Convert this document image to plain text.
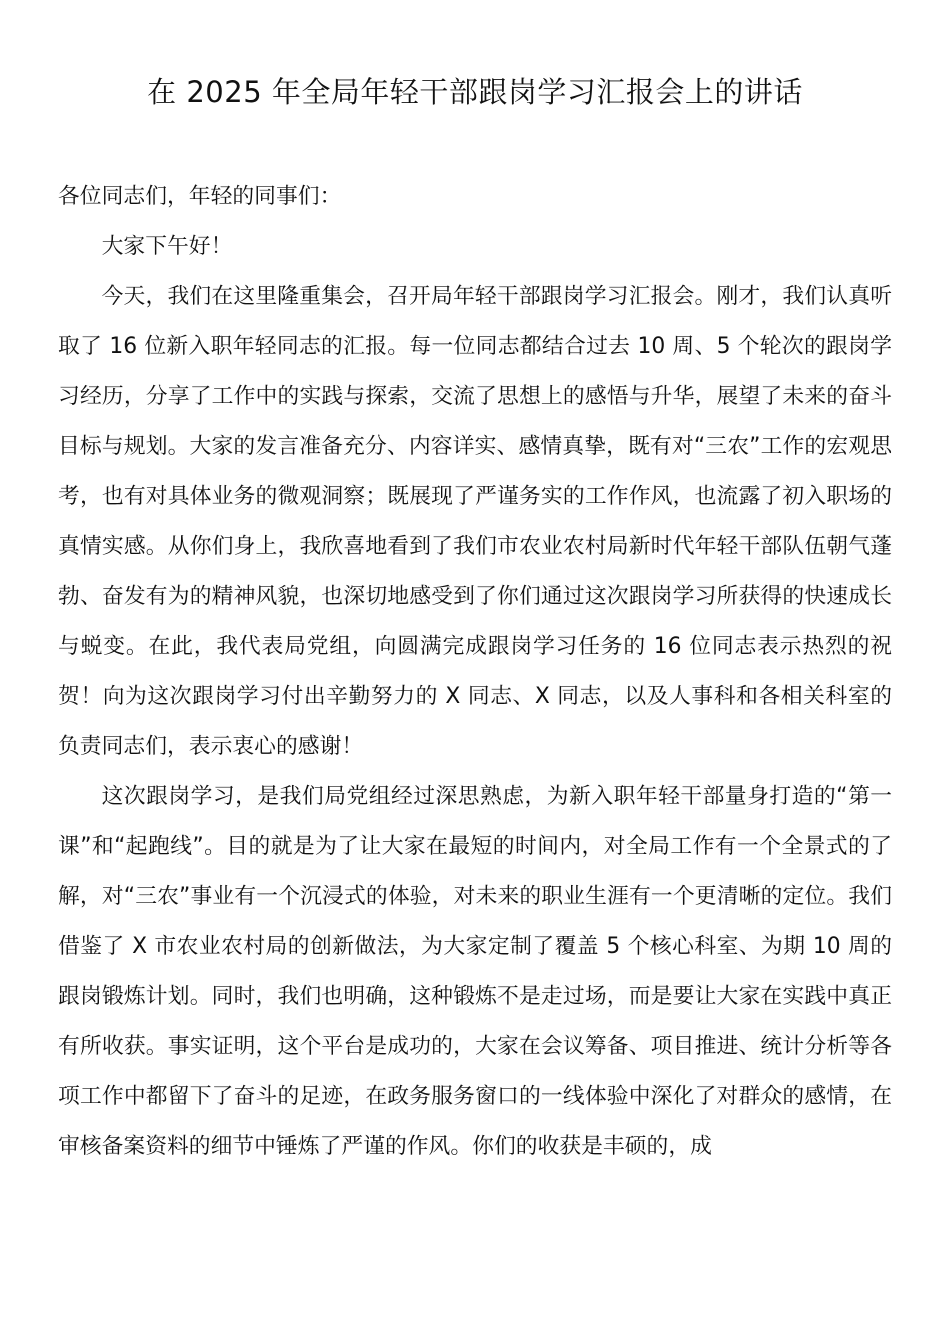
在 2025 年全局年轻干部跟岗学习汇报会上的讲话

各位同志们，年轻的同事们：

大家下午好！

今天，我们在这里隆重集会，召开局年轻干部跟岗学习汇报会。刚才，我们认真听取了 16 位新入职年轻同志的汇报。每一位同志都结合过去 10 周、5 个轮次的跟岗学习经历，分享了工作中的实践与探索，交流了思想上的感悟与升华，展望了未来的奋斗目标与规划。大家的发言准备充分、内容详实、感情真挚，既有对“三农”工作的宏观思考，也有对具体业务的微观洞察；既展现了严谨务实的工作作风，也流露了初入职场的真情实感。从你们身上，我欣喜地看到了我们市农业农村局新时代年轻干部队伍朝气蓬勃、奋发有为的精神风貌，也深切地感受到了你们通过这次跟岗学习所获得的快速成长与蜕变。在此，我代表局党组，向圆满完成跟岗学习任务的 16 位同志表示热烈的祝贺！向为这次跟岗学习付出辛勤努力的 X 同志、X 同志，以及人事科和各相关科室的负责同志们，表示衷心的感谢！

这次跟岗学习，是我们局党组经过深思熟虑，为新入职年轻干部量身打造的“第一课”和“起跑线”。目的就是为了让大家在最短的时间内，对全局工作有一个全景式的了解，对“三农”事业有一个沉浸式的体验，对未来的职业生涯有一个更清晰的定位。我们借鉴了 X 市农业农村局的创新做法，为大家定制了覆盖 5 个核心科室、为期 10 周的跟岗锻炼计划。同时，我们也明确，这种锻炼不是走过场，而是要让大家在实践中真正有所收获。事实证明，这个平台是成功的，大家在会议筹备、项目推进、统计分析等各项工作中都留下了奋斗的足迹，在政务服务窗口的一线体验中深化了对群众的感情，在审核备案资料的细节中锤炼了严谨的作风。你们的收获是丰硕的，成
